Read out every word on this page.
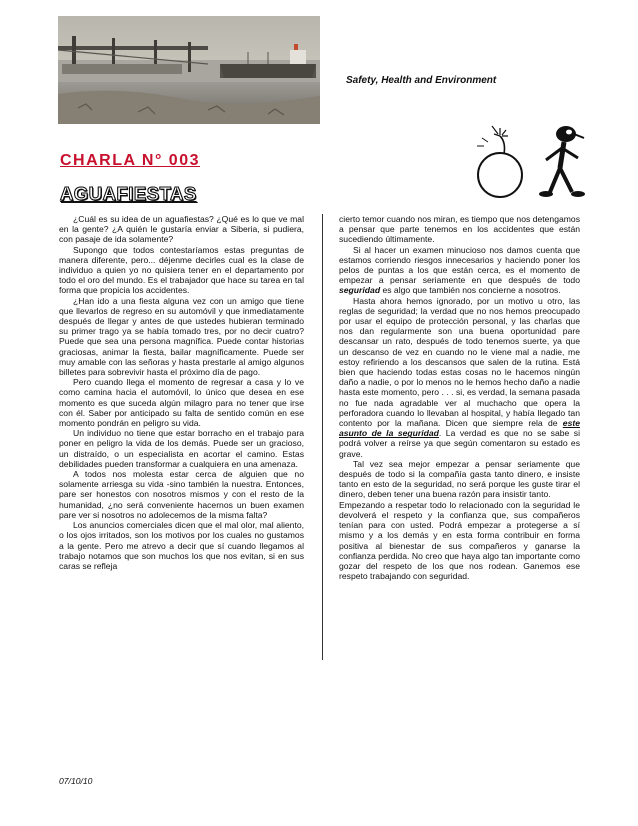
Safety, Health and Environment
CHARLA N° 003
AGUAFIESTAS

¿Cuál es su idea de un aguafiestas? ¿Qué es lo que ve mal en la gente? ¿A quién le gustaría enviar a Siberia, si pudiera, con pasaje de ida solamente?

Supongo que todos contestaríamos estas preguntas de manera diferente, pero... déjenme decirles cual es la clase de individuo a quien yo no quisiera tener en el departamento por todo el oro del mundo. Es el trabajador que hace su tarea en tal forma que propicia los accidentes.

¿Han ido a una fiesta alguna vez con un amigo que tiene que llevarlos de regreso en su automóvil y que inmediatamente después de llegar y antes de que ustedes hubieran terminado su primer trago ya se había tomado tres, por no decir cuatro? Puede que sea una persona magnífica. Puede contar historias graciosas, animar la fiesta, bailar magníficamente. Puede ser muy amable con las señoras y hasta prestarle al amigo algunos billetes para sobrevivir hasta el próximo día de pago.

Pero cuando llega el momento de regresar a casa y lo ve como camina hacia el automóvil, lo único que desea en ese momento es que suceda algún milagro para no tener que irse con él. Saber por anticipado su falta de sentido común en ese momento pondrán en peligro su vida.

Un individuo no tiene que estar borracho en el trabajo para poner en peligro la vida de los demás. Puede ser un gracioso, un distraído, o un especialista en acortar el camino. Estas debilidades pueden transformar a cualquiera en una amenaza.

A todos nos molesta estar cerca de alguien que no solamente arriesga su vida -sino también la nuestra. Entonces, pare ser honestos con nosotros mismos y con el resto de la humanidad, ¿no será conveniente hacernos un buen examen pare ver si nosotros no adolecemos de la misma falta?

Los anuncios comerciales dicen que el mal olor, mal aliento, o los ojos irritados, son los motivos por los cuales no gustamos a la gente. Pero me atrevo a decir que sí cuando llegamos al trabajo notamos que son muchos los que nos evitan, si en sus caras se refleja

cierto temor cuando nos miran, es tiempo que nos detengamos a pensar que parte tenemos en los accidentes que están sucediendo últimamente.

Si al hacer un examen minucioso nos damos cuenta que estamos corriendo riesgos innecesarios y haciendo poner los pelos de puntas a los que están cerca, es el momento de empezar a pensar seriamente en que después de todo seguridad es algo que también nos concierne a nosotros.

Hasta ahora hemos ignorado, por un motivo u otro, las reglas de seguridad; la verdad que no nos hemos preocupado por usar el equipo de protección personal, y las charlas que nos dan regularmente son una buena oportunidad pare descansar un rato, después de todo tenemos suerte, ya que un descanso de vez en cuando no le viene mal a nadie, me estoy refiriendo a los descansos que salen de la rutina. Está bien que haciendo todas estas cosas no le hacemos ningún daño a nadie, o por lo menos no le hemos hecho daño a nadie hasta este momento, pero . . . si, es verdad, la semana pasada no fue nada agradable ver al muchacho que opera la perforadora cuando lo llevaban al hospital, y había llegado tan contento por la mañana. Dicen que siempre rela de este asunto de la seguridad. La verdad es que no se sabe si podrá volver a reírse ya que según comentaron su estado es grave.

Tal vez sea mejor empezar a pensar seriamente que después de todo si la compañía gasta tanto dinero, e insiste tanto en esto de la seguridad, no será porque les guste tirar el dinero, deben tener una buena razón para insistir tanto.

Empezando a respetar todo lo relacionado con la seguridad le devolverá el respeto y la confianza que, sus compañeros tenían para con usted. Podrá empezar a protegerse a sí mismo y a los demás y en esta forma contribuir en forma positiva al bienestar de sus compañeros y ganarse la confianza perdida. No creo que haya algo tan importante como gozar del respeto de los que nos rodean. Ganemos ese respeto trabajando con seguridad.

07/10/10
